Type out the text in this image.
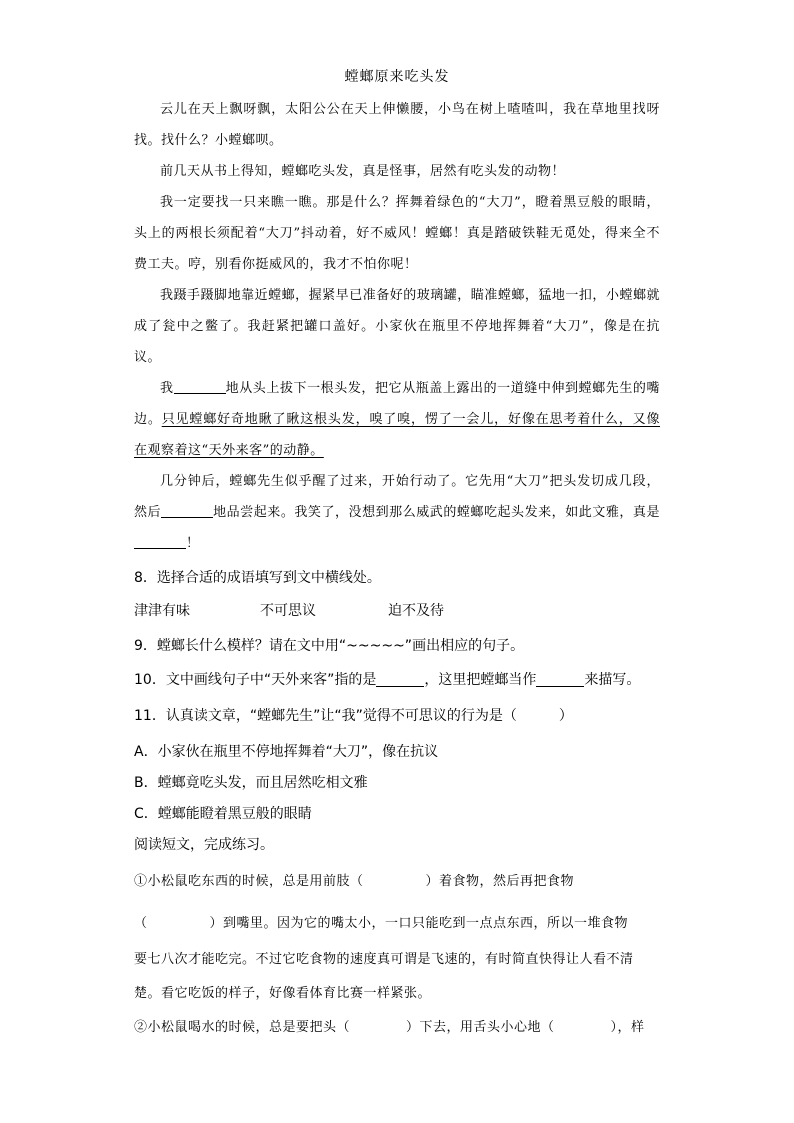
螳螂原来吃头发

云儿在天上飘呀飘，太阳公公在天上伸懒腰，小鸟在树上喳喳叫，我在草地里找呀找。找什么？小螳螂呗。

前几天从书上得知，螳螂吃头发，真是怪事，居然有吃头发的动物！

我一定要找一只来瞧一瞧。那是什么？挥舞着绿色的“大刀”，瞪着黑豆般的眼睛，头上的两根长须配着“大刀”抖动着，好不威风！螳螂！真是踏破铁鞋无觅处，得来全不费工夫。哼，别看你挺威风的，我才不怕你呢！

我蹑手蹑脚地靠近螳螂，握紧早已准备好的玻璃罐，瞄准螳螂，猛地一扣，小螳螂就成了瓮中之鳖了。我赶紧把罐口盖好。小家伙在瓶里不停地挥舞着“大刀”，像是在抗议。

我	地从头上拔下一根头发，把它从瓶盖上露出的一道缝中伸到螳螂先生的嘴边。只见螳螂好奇地瞅了瞅这根头发，嗅了嗅，愣了一会儿，好像在思考着什么，又像在观察着这“天外来客”的动静。

几分钟后，螳螂先生似乎醒了过来，开始行动了。它先用“大刀”把头发切成几段，然后	地品尝起来。我笑了，没想到那么威武的螳螂吃起头发来，如此文雅，真是！

8．选择合适的成语填写到文中横线处。
津津有味	不可思议	迫不及待
9．螳螂长什么模样？请在文中用“~~~~~”画出相应的句子。
10．文中画线句子中“天外来客”指的是	，这里把螳螂当作	来描写。
11．认真读文章，“螳螂先生”让“我”觉得不可思议的行为是（　　　）
A．小家伙在瓶里不停地挥舞着“大刀”，像在抗议
B．螳螂竟吃头发，而且居然吃相文雅
C．螳螂能瞪着黑豆般的眼睛
阅读短文，完成练习。
①小松鼠吃东西的时候，总是用前肢（	）着食物，然后再把食物
（	）到嘴里。因为它的嘴太小，一口只能吃到一点点东西，所以一堆食物
要七八次才能吃完。不过它吃食物的速度真可谓是飞速的，有时简直快得让人看不清
楚。看它吃饭的样子，好像看体育比赛一样紧张。
②小松鼠喝水的时候，总是要把头（	）下去，用舌头小心地（	），样
